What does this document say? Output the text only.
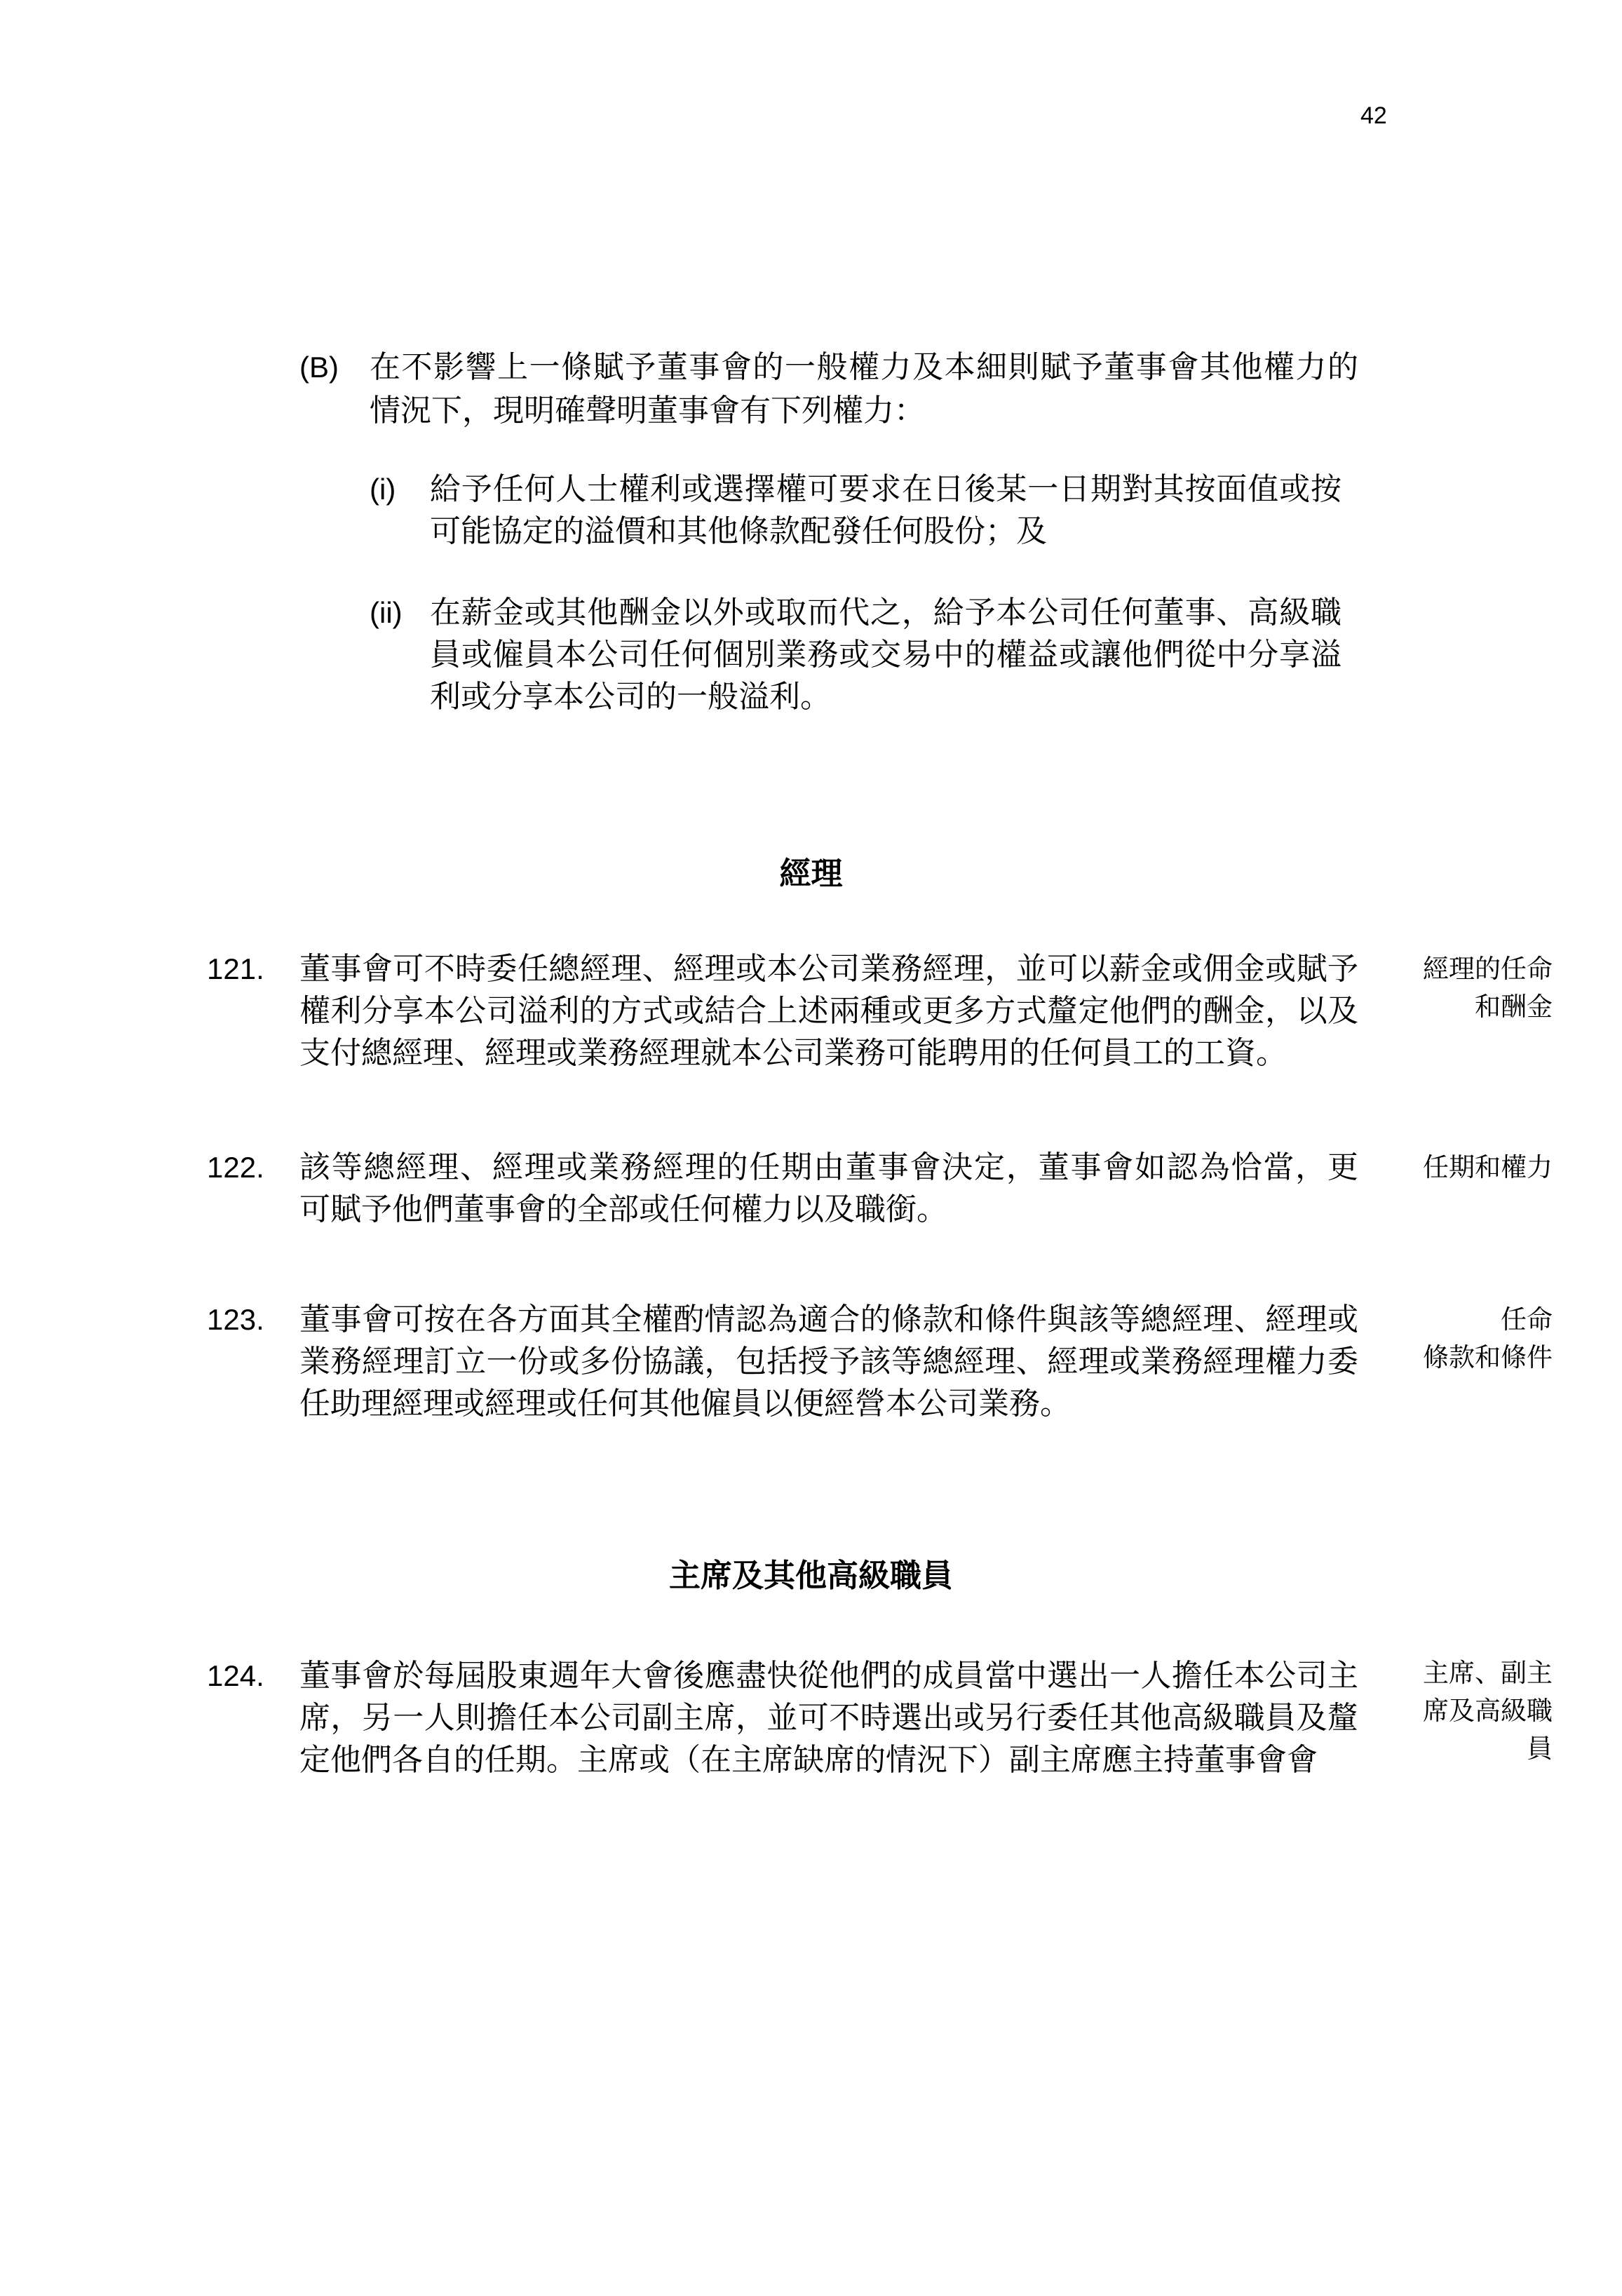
42
(B) 在不影響上一條賦予董事會的一般權力及本細則賦予董事會其他權力的
情況下，現明確聲明董事會有下列權力：
(i) 給予任何人士權利或選擇權可要求在日後某一日期對其按面值或按
可能協定的溢價和其他條款配發任何股份；及
(ii) 在薪金或其他酬金以外或取而代之，給予本公司任何董事、高級職
員或僱員本公司任何個別業務或交易中的權益或讓他們從中分享溢
利或分享本公司的一般溢利。
經理
121. 董事會可不時委任總經理、經理或本公司業務經理，並可以薪金或佣金或賦予
權利分享本公司溢利的方式或結合上述兩種或更多方式釐定他們的酬金，以及
支付總經理、經理或業務經理就本公司業務可能聘用的任何員工的工資。
經理的任命
和酬金
122. 該等總經理、經理或業務經理的任期由董事會決定，董事會如認為恰當，更
可賦予他們董事會的全部或任何權力以及職銜。
任期和權力
123. 董事會可按在各方面其全權酌情認為適合的條款和條件與該等總經理、經理或
業務經理訂立一份或多份協議，包括授予該等總經理、經理或業務經理權力委
任助理經理或經理或任何其他僱員以便經營本公司業務。
任命
條款和條件
主席及其他高級職員
124. 董事會於每屆股東週年大會後應盡快從他們的成員當中選出一人擔任本公司主
席，另一人則擔任本公司副主席，並可不時選出或另行委任其他高級職員及釐
定他們各自的任期。主席或（在主席缺席的情況下）副主席應主持董事會會
主席、副主
席及高級職
員
